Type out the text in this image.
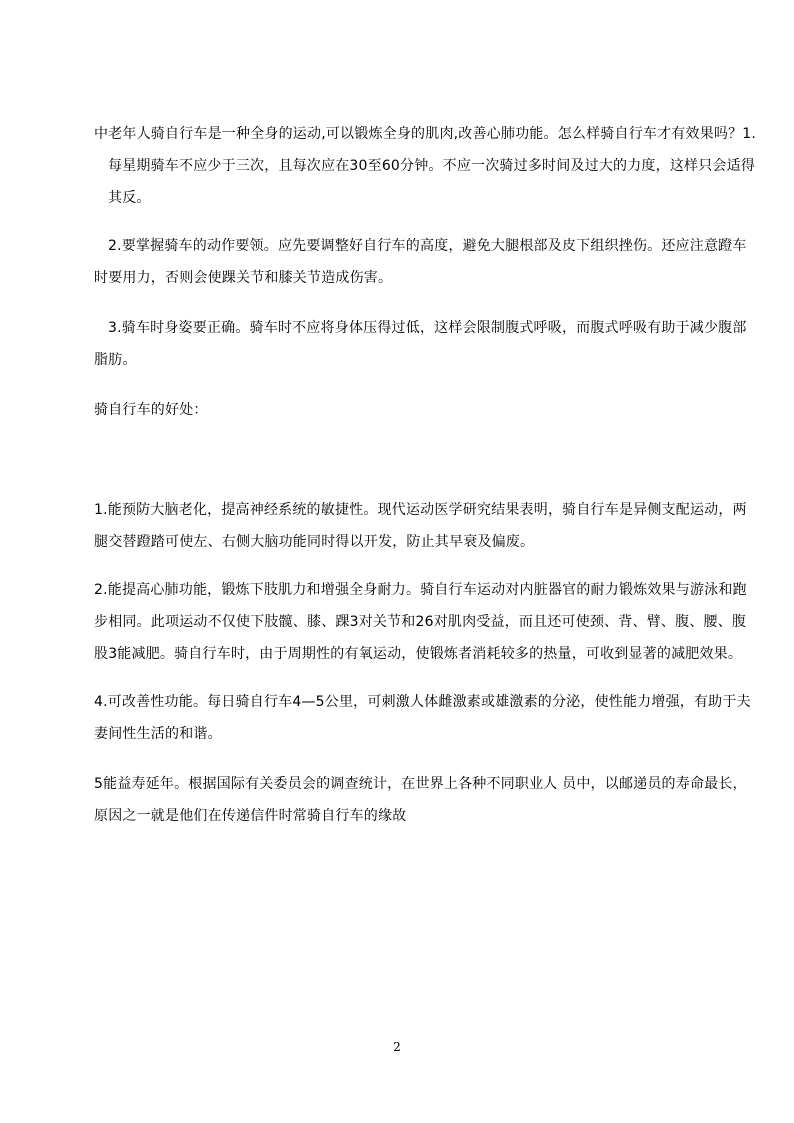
中老年人骑自行车是一种全身的运动,可以锻炼全身的肌肉,改善心肺功能。怎么样骑自行车才有效果吗？1.
每星期骑车不应少于三次，且每次应在30至60分钟。不应一次骑过多时间及过大的力度，这样只会适得其反。

2.要掌握骑车的动作要领。应先要调整好自行车的高度，避免大腿根部及皮下组织挫伤。还应注意蹬车时要用力，否则会使踝关节和膝关节造成伤害。

3.骑车时身姿要正确。骑车时不应将身体压得过低，这样会限制腹式呼吸，而腹式呼吸有助于减少腹部脂肪。

骑自行车的好处：

1.能预防大脑老化，提高神经系统的敏捷性。现代运动医学研究结果表明，骑自行车是异侧支配运动，两腿交替蹬踏可使左、右侧大脑功能同时得以开发，防止其早衰及偏废。

2.能提高心肺功能，锻炼下肢肌力和增强全身耐力。骑自行车运动对内脏器官的耐力锻炼效果与游泳和跑步相同。此项运动不仅使下肢髋、膝、踝3对关节和26对肌肉受益，而且还可使颈、背、臂、腹、腰、腹股3能减肥。骑自行车时，由于周期性的有氧运动，使锻炼者消耗较多的热量，可收到显著的减肥效果。

4.可改善性功能。每日骑自行车4—5公里，可刺激人体雌激素或雄激素的分泌，使性能力增强，有助于夫妻间性生活的和谐。

5能益寿延年。根据国际有关委员会的调查统计，在世界上各种不同职业人 员中，以邮递员的寿命最长，原因之一就是他们在传递信件时常骑自行车的缘故

2
